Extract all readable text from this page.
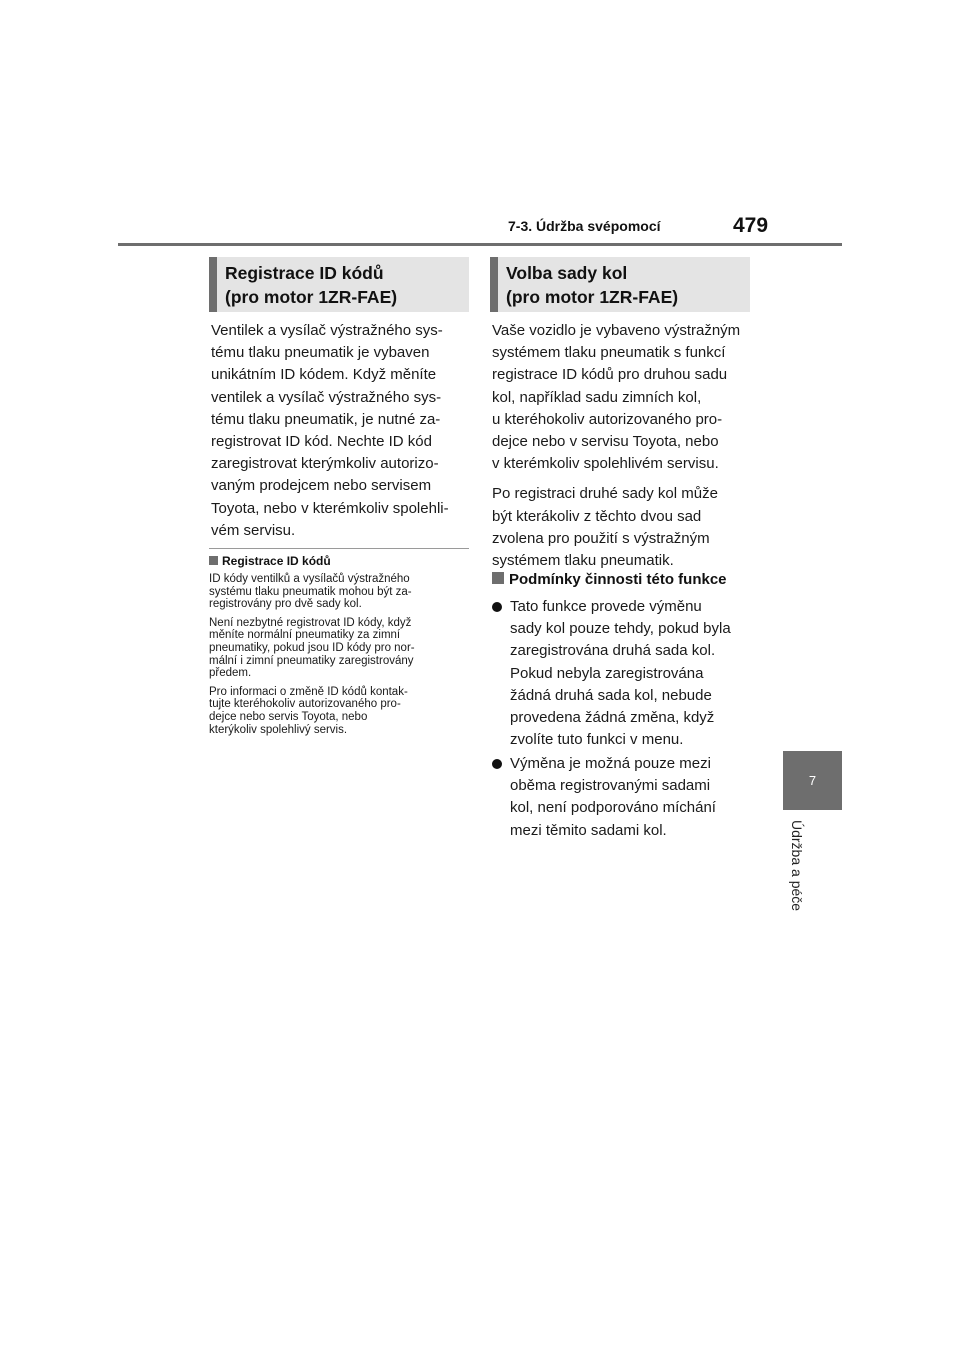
7-3. Údržba svépomocí	479
7
Údržba a péče
Registrace ID kódů
(pro motor 1ZR-FAE)

Ventilek a vysílač výstražného sys-
tému tlaku pneumatik je vybaven
unikátním ID kódem. Když měníte
ventilek a vysílač výstražného sys-
tému tlaku pneumatik, je nutné za-
registrovat ID kód. Nechte ID kód
zaregistrovat kterýmkoliv autorizo-
vaným prodejcem nebo servisem
Toyota, nebo v kterémkoliv spolehli-
vém servisu.

Registrace ID kódů

ID kódy ventilků a vysílačů výstražného
systému tlaku pneumatik mohou být za-
registrovány pro dvě sady kol.

Není nezbytné registrovat ID kódy, když
měníte normální pneumatiky za zimní
pneumatiky, pokud jsou ID kódy pro nor-
mální i zimní pneumatiky zaregistrovány
předem.

Pro informaci o změně ID kódů kontak-
tujte kteréhokoliv autorizovaného pro-
dejce nebo servis Toyota, nebo
kterýkoliv spolehlivý servis.

Volba sady kol
(pro motor 1ZR-FAE)

Vaše vozidlo je vybaveno výstražným
systémem tlaku pneumatik s funkcí
registrace ID kódů pro druhou sadu
kol, například sadu zimních kol,
u kteréhokoliv autorizovaného pro-
dejce nebo v servisu Toyota, nebo
v kterémkoliv spolehlivém servisu.

Po registraci druhé sady kol může
být kterákoliv z těchto dvou sad
zvolena pro použití s výstražným
systémem tlaku pneumatik.

Podmínky činnosti této funkce
Tato funkce provede výměnu
sady kol pouze tehdy, pokud byla
zaregistrována druhá sada kol.
Pokud nebyla zaregistrována
žádná druhá sada kol, nebude
provedena žádná změna, když
zvolíte tuto funkci v menu.
Výměna je možná pouze mezi
oběma registrovanými sadami
kol, není podporováno míchání
mezi těmito sadami kol.
